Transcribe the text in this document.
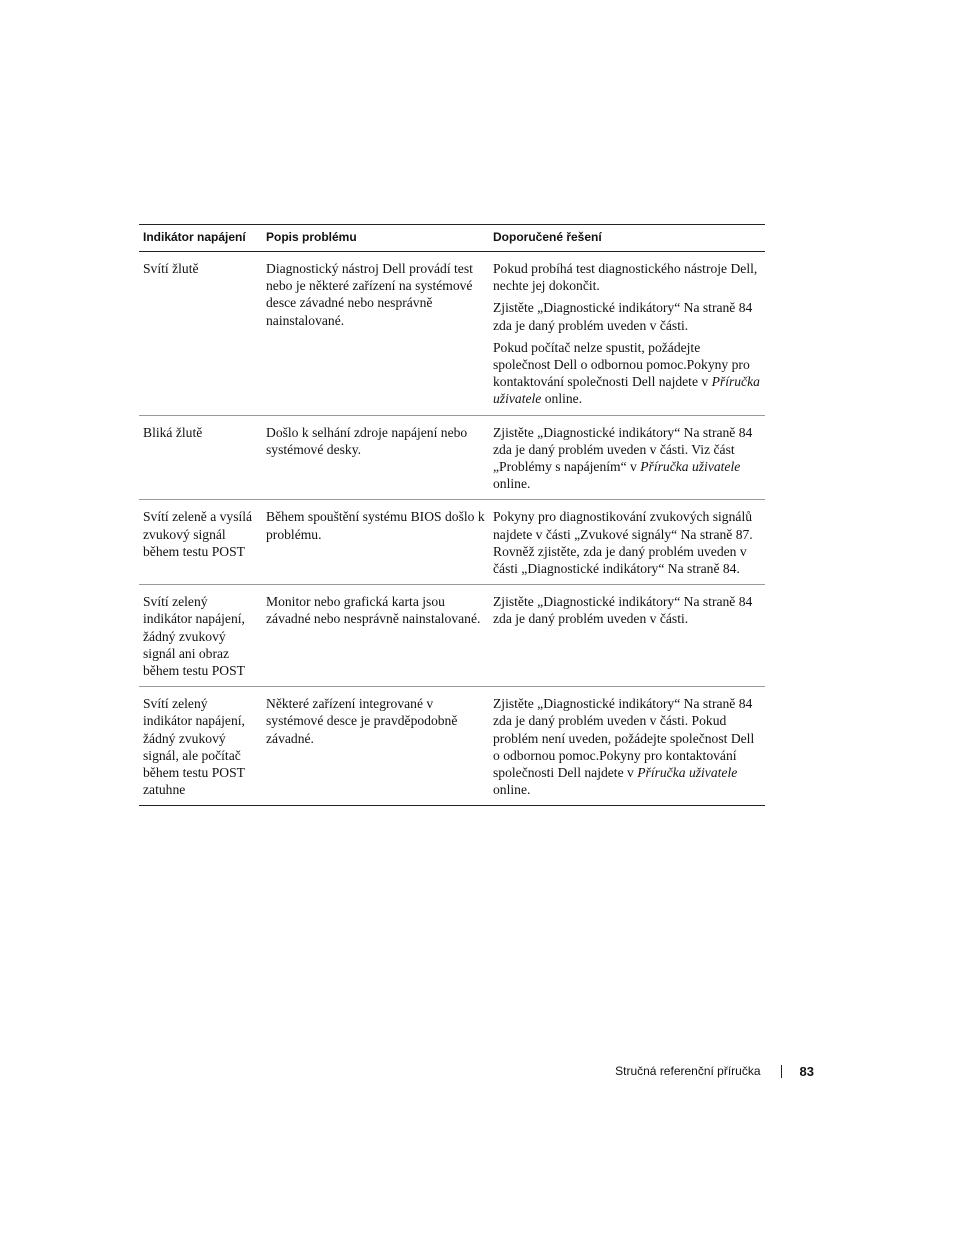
Indikátor napájení	Popis problému	Doporučené řešení
Svítí žlutě	Diagnostický nástroj Dell provádí test nebo je některé zařízení na systémové desce závadné nebo nesprávně nainstalované.	Pokud probíhá test diagnostického nástroje Dell, nechte jej dokončit.

Zjistěte „Diagnostické indikátory“ Na straně 84 zda je daný problém uveden v části.

Pokud počítač nelze spustit, požádejte společnost Dell o odbornou pomoc.Pokyny pro kontaktování společnosti Dell najdete v Příručka uživatele online.

Bliká žlutě	Došlo k selhání zdroje napájení nebo systémové desky.	Zjistěte „Diagnostické indikátory“ Na straně 84 zda je daný problém uveden v části. Viz část „Problémy s napájením“ v Příručka uživatele online.

Svítí zeleně a vysílá zvukový signál během testu POST	Během spouštění systému BIOS došlo k problému.	Pokyny pro diagnostikování zvukových signálů najdete v části „Zvukové signály“ Na straně 87. Rovněž zjistěte, zda je daný problém uveden v části „Diagnostické indikátory“ Na straně 84.

Svítí zelený indikátor napájení, žádný zvukový signál ani obraz během testu POST	Monitor nebo grafická karta jsou závadné nebo nesprávně nainstalované.	Zjistěte „Diagnostické indikátory“ Na straně 84 zda je daný problém uveden v části.

Svítí zelený indikátor napájení, žádný zvukový signál, ale počítač během testu POST zatuhne	Některé zařízení integrované v systémové desce je pravděpodobně závadné.	Zjistěte „Diagnostické indikátory“ Na straně 84 zda je daný problém uveden v části. Pokud problém není uveden, požádejte společnost Dell o odbornou pomoc.Pokyny pro kontaktování společnosti Dell najdete v Příručka uživatele online.

Stručná referenční příručka	83
